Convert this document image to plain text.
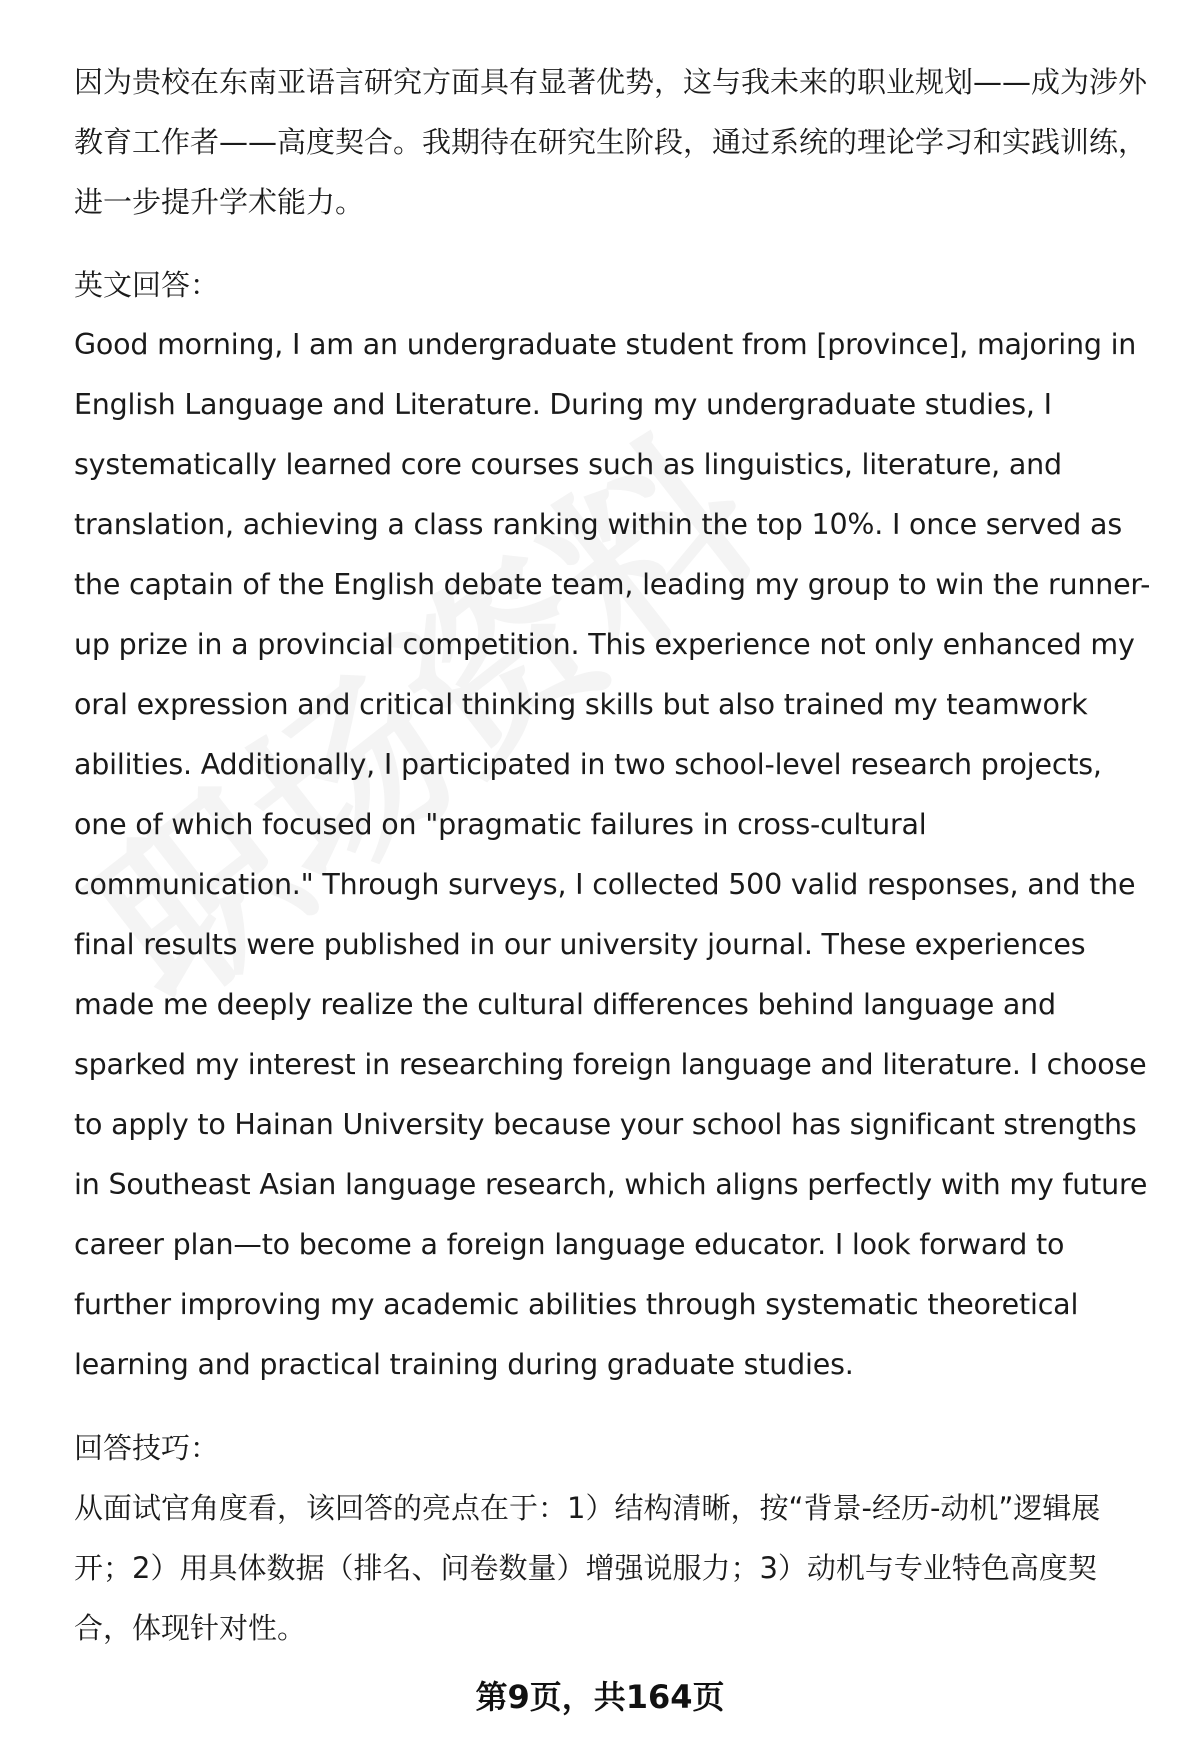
因为贵校在东南亚语言研究方面具有显著优势，这与我未来的职业规划——成为涉外教育工作者——高度契合。我期待在研究生阶段，通过系统的理论学习和实践训练，进一步提升学术能力。

英文回答：

Good morning, I am an undergraduate student from [province], majoring in English Language and Literature. During my undergraduate studies, I systematically learned core courses such as linguistics, literature, and translation, achieving a class ranking within the top 10%. I once served as the captain of the English debate team, leading my group to win the runner-up prize in a provincial competition. This experience not only enhanced my oral expression and critical thinking skills but also trained my teamwork abilities. Additionally, I participated in two school-level research projects, one of which focused on "pragmatic failures in cross-cultural communication." Through surveys, I collected 500 valid responses, and the final results were published in our university journal. These experiences made me deeply realize the cultural differences behind language and sparked my interest in researching foreign language and literature. I choose to apply to Hainan University because your school has significant strengths in Southeast Asian language research, which aligns perfectly with my future career plan—to become a foreign language educator. I look forward to further improving my academic abilities through systematic theoretical learning and practical training during graduate studies.

回答技巧：

从面试官角度看，该回答的亮点在于：1）结构清晰，按“背景-经历-动机”逻辑展开；2）用具体数据（排名、问卷数量）增强说服力；3）动机与专业特色高度契合，体现针对性。

第9页，共164页
